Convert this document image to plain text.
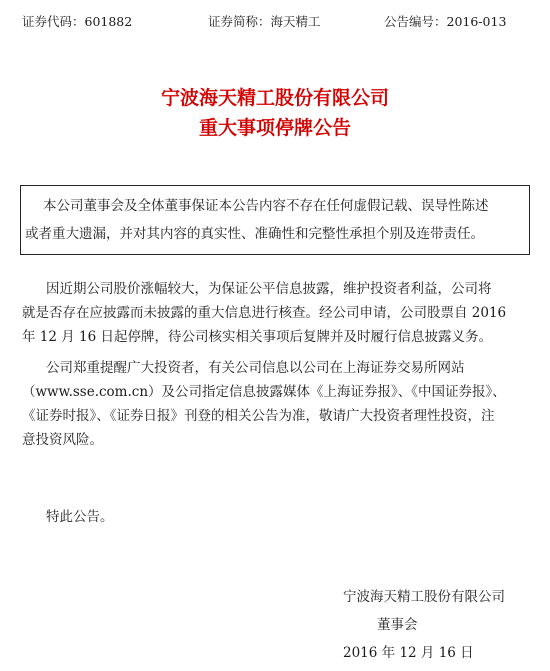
证券代码：601882	证券简称：海天精工	公告编号：2016-013
宁波海天精工股份有限公司
重大事项停牌公告
本公司董事会及全体董事保证本公告内容不存在任何虚假记载、误导性陈述
或者重大遗漏，并对其内容的真实性、准确性和完整性承担个别及连带责任。
因近期公司股价涨幅较大，为保证公平信息披露，维护投资者利益，公司将
就是否存在应披露而未披露的重大信息进行核查。经公司申请，公司股票自 2016
年 12 月 16 日起停牌，待公司核实相关事项后复牌并及时履行信息披露义务。
公司郑重提醒广大投资者，有关公司信息以公司在上海证券交易所网站
（www.sse.com.cn）及公司指定信息披露媒体《上海证券报》、《中国证券报》、
《证券时报》、《证券日报》刊登的相关公告为准，敬请广大投资者理性投资，注
意投资风险。
特此公告。
宁波海天精工股份有限公司
董事会
2016 年 12 月 16 日
